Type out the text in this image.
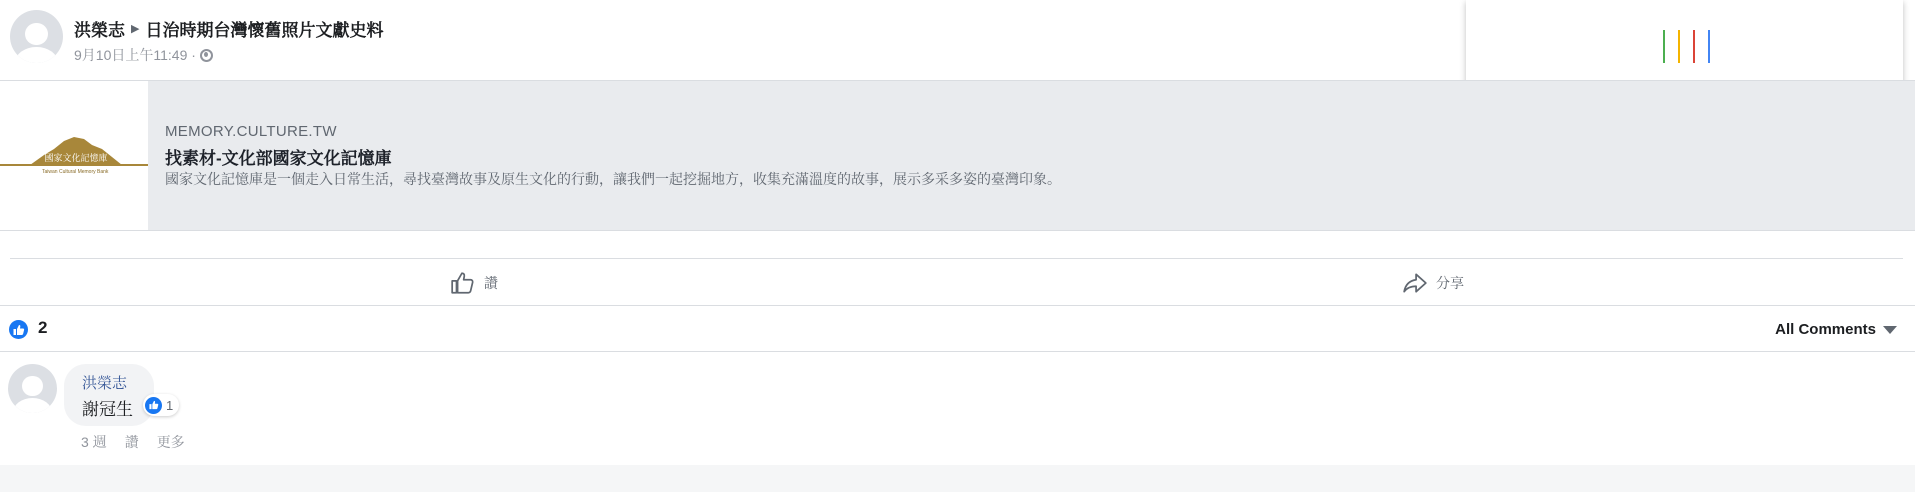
洪榮志 ▶ 日治時期台灣懷舊照片文獻史料
9月10日上午11:49 ·
國家文化記憶庫
Taiwan Cultural Memory Bank
MEMORY.CULTURE.TW
找素材-文化部國家文化記憶庫
國家文化記憶庫是一個走入日常生活，尋找臺灣故事及原生文化的行動，讓我們一起挖掘地方，收集充滿溫度的故事，展示多采多姿的臺灣印象。
讚	分享
2	All Comments
洪榮志
謝冠生	1
3 週 讚 更多
